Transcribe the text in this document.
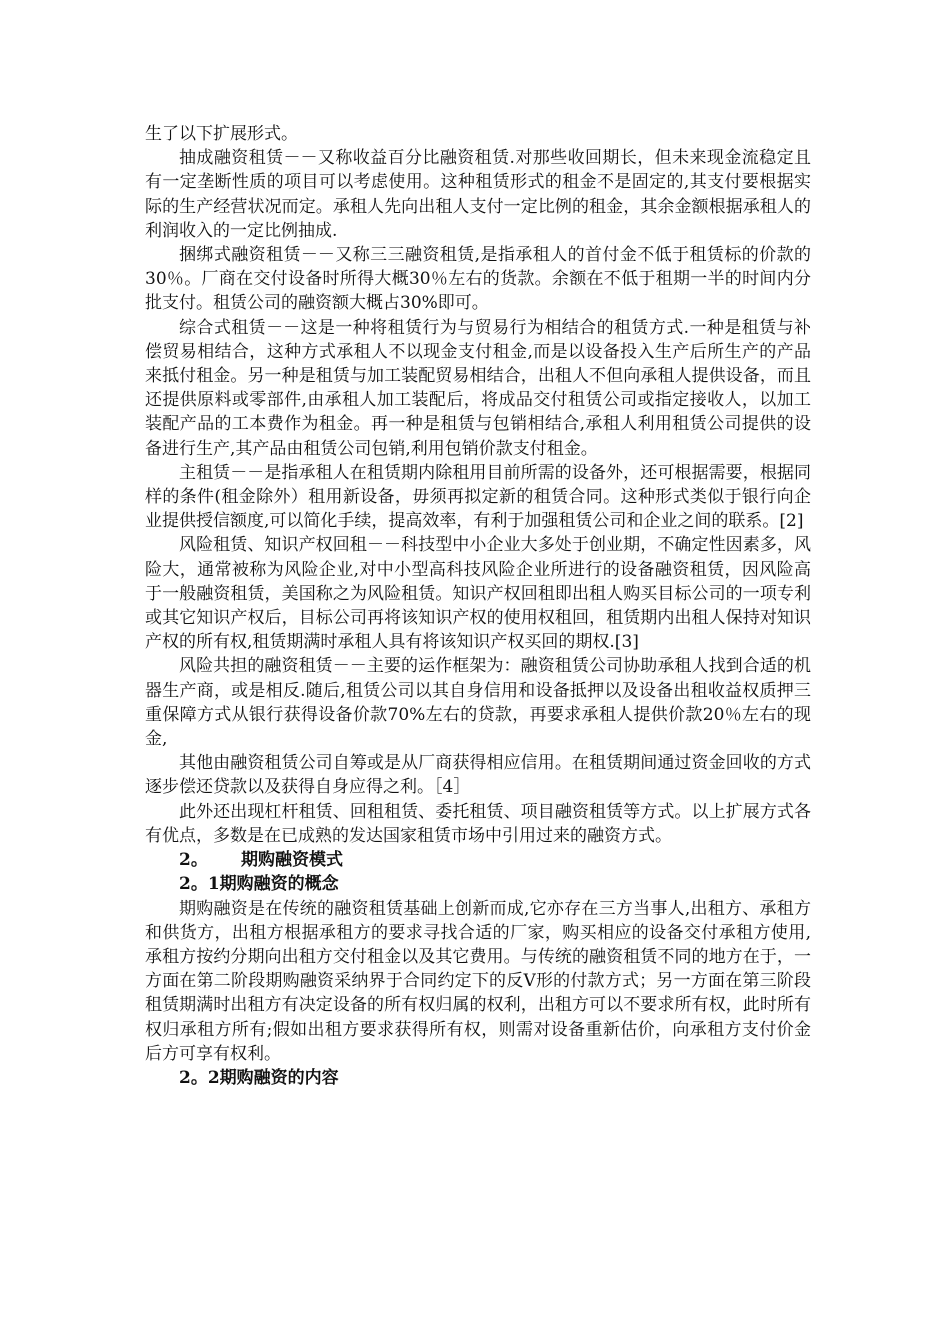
生了以下扩展形式。

抽成融资租赁－－又称收益百分比融资租赁.对那些收回期长，但未来现金流稳定且有一定垄断性质的项目可以考虑使用。这种租赁形式的租金不是固定的,其支付要根据实际的生产经营状况而定。承租人先向出租人支付一定比例的租金，其余金额根据承租人的利润收入的一定比例抽成.

捆绑式融资租赁－－又称三三融资租赁,是指承租人的首付金不低于租赁标的价款的30％。厂商在交付设备时所得大概30％左右的货款。余额在不低于租期一半的时间内分批支付。租赁公司的融资额大概占30%即可。

综合式租赁－－这是一种将租赁行为与贸易行为相结合的租赁方式.一种是租赁与补偿贸易相结合，这种方式承租人不以现金支付租金,而是以设备投入生产后所生产的产品来抵付租金。另一种是租赁与加工装配贸易相结合，出租人不但向承租人提供设备，而且还提供原料或零部件,由承租人加工装配后，将成品交付租赁公司或指定接收人，以加工装配产品的工本费作为租金。再一种是租赁与包销相结合,承租人利用租赁公司提供的设备进行生产,其产品由租赁公司包销,利用包销价款支付租金。

主租赁－－是指承租人在租赁期内除租用目前所需的设备外，还可根据需要，根据同样的条件(租金除外）租用新设备，毋须再拟定新的租赁合同。这种形式类似于银行向企业提供授信额度,可以简化手续，提高效率，有利于加强租赁公司和企业之间的联系。[2]

风险租赁、知识产权回租－－科技型中小企业大多处于创业期，不确定性因素多，风险大，通常被称为风险企业,对中小型高科技风险企业所进行的设备融资租赁，因风险高于一般融资租赁，美国称之为风险租赁。知识产权回租即出租人购买目标公司的一项专利或其它知识产权后，目标公司再将该知识产权的使用权租回，租赁期内出租人保持对知识产权的所有权,租赁期满时承租人具有将该知识产权买回的期权.[3]

风险共担的融资租赁－－主要的运作框架为：融资租赁公司协助承租人找到合适的机器生产商，或是相反.随后,租赁公司以其自身信用和设备抵押以及设备出租收益权质押三重保障方式从银行获得设备价款70%左右的贷款，再要求承租人提供价款20％左右的现金,

其他由融资租赁公司自筹或是从厂商获得相应信用。在租赁期间通过资金回收的方式逐步偿还贷款以及获得自身应得之利。［4］

此外还出现杠杆租赁、回租租赁、委托租赁、项目融资租赁等方式。以上扩展方式各有优点，多数是在已成熟的发达国家租赁市场中引用过来的融资方式。

2。 期购融资模式

2。1期购融资的概念

期购融资是在传统的融资租赁基础上创新而成,它亦存在三方当事人,出租方、承租方和供货方，出租方根据承租方的要求寻找合适的厂家，购买相应的设备交付承租方使用,承租方按约分期向出租方交付租金以及其它费用。与传统的融资租赁不同的地方在于，一方面在第二阶段期购融资采纳界于合同约定下的反V形的付款方式；另一方面在第三阶段租赁期满时出租方有决定设备的所有权归属的权利，出租方可以不要求所有权，此时所有权归承租方所有;假如出租方要求获得所有权，则需对设备重新估价，向承租方支付价金后方可享有权利。

2。2期购融资的内容
